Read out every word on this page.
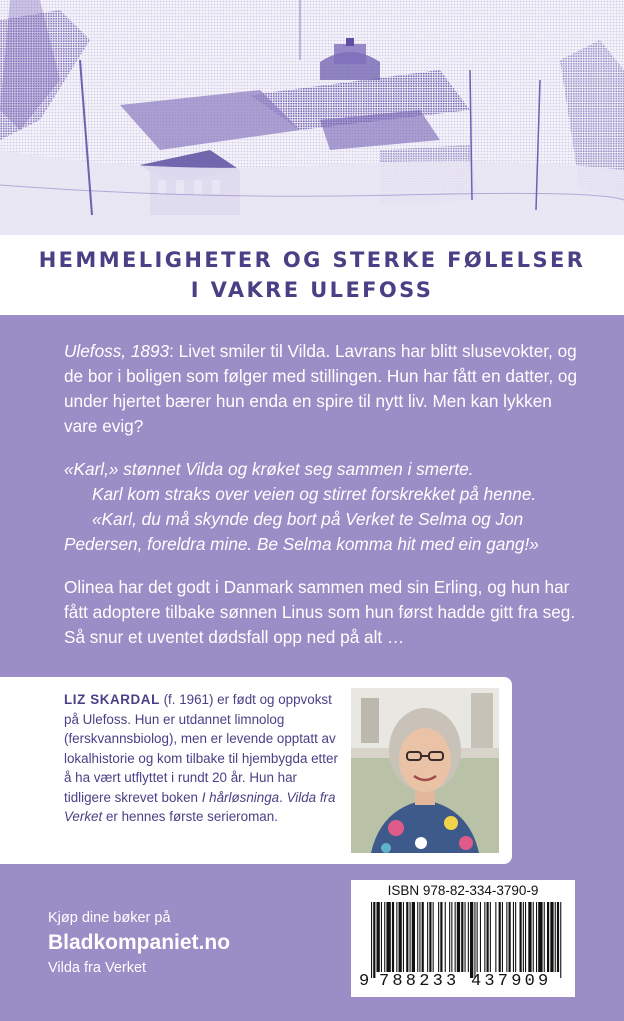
HEMMELIGHETER OG STERKE FØLELSER
I VAKRE ULEFOSS

Ulefoss, 1893: Livet smiler til Vilda. Lavrans har blitt slusevokter, og de bor i boligen som følger med stillingen. Hun har fått en datter, og under hjertet bærer hun enda en spire til nytt liv. Men kan lykken vare evig?

«Karl,» stønnet Vilda og krøket seg sammen i smerte.

Karl kom straks over veien og stirret forskrekket på henne.

«Karl, du må skynde deg bort på Verket te Selma og Jon Pedersen, foreldra mine. Be Selma komma hit med ein gang!»

Olinea har det godt i Danmark sammen med sin Erling, og hun har fått adoptere tilbake sønnen Linus som hun først hadde gitt fra seg. Så snur et uventet dødsfall opp ned på alt …

LIZ SKARDAL (f. 1961) er født og oppvokst på Ulefoss. Hun er utdannet limnolog (ferskvannsbiolog), men er levende opptatt av lokalhistorie og kom tilbake til hjembygda etter å ha vært utflyttet i rundt 20 år. Hun har tidligere skrevet boken I hårløsninga. Vilda fra Verket er hennes første serieroman.
Kjøp dine bøker på
Bladkompaniet.no
Vilda fra Verket
ISBN 978-82-334-3790-9
9 788233 437909
